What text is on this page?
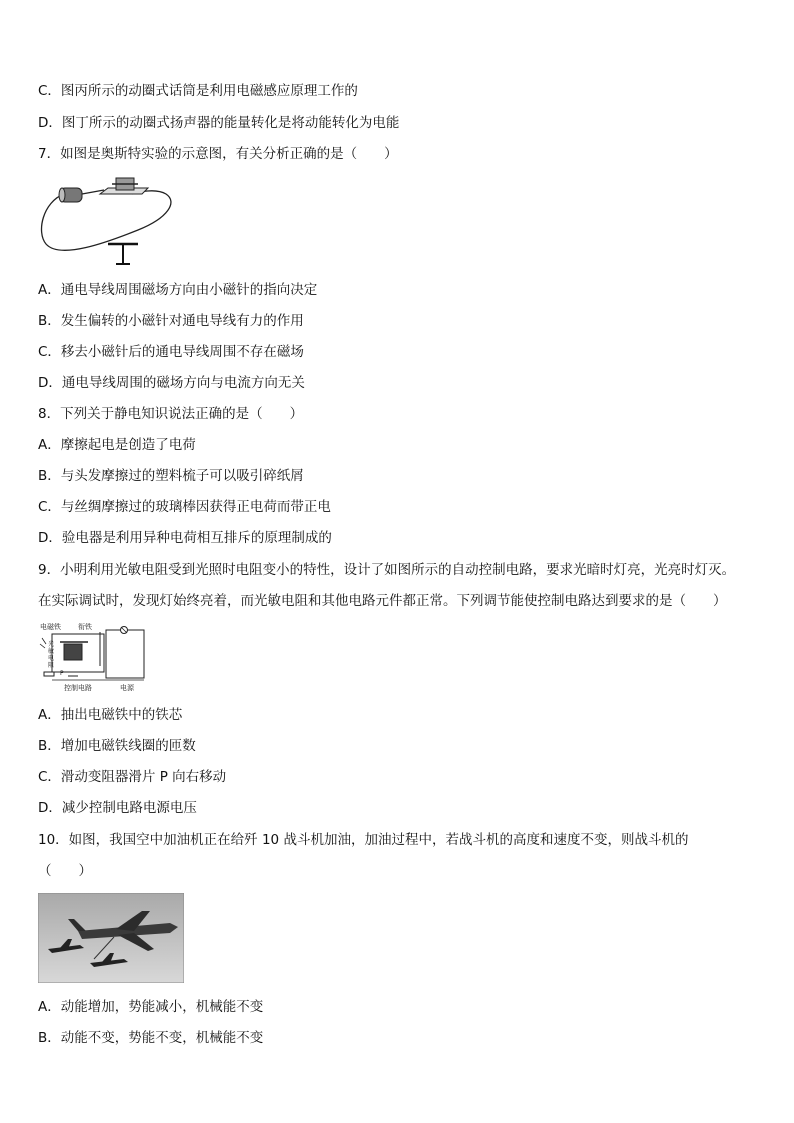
C．图丙所示的动圈式话筒是利用电磁感应原理工作的
D．图丁所示的动圈式扬声器的能量转化是将动能转化为电能
7．如图是奥斯特实验的示意图，有关分析正确的是（　　）
A．通电导线周围磁场方向由小磁针的指向决定
B．发生偏转的小磁针对通电导线有力的作用
C．移去小磁针后的通电导线周围不存在磁场
D．通电导线周围的磁场方向与电流方向无关
8．下列关于静电知识说法正确的是（　　）
A．摩擦起电是创造了电荷
B．与头发摩擦过的塑料梳子可以吸引碎纸屑
C．与丝绸摩擦过的玻璃棒因获得正电荷而带正电
D．验电器是利用异种电荷相互排斥的原理制成的
9．小明利用光敏电阻受到光照时电阻变小的特性，设计了如图所示的自动控制电路，要求光暗时灯亮，光亮时灯灭。
在实际调试时，发现灯始终亮着，而光敏电阻和其他电路元件都正常。下列调节能使控制电路达到要求的是（　　）
电磁铁 衔铁
光
敏
电
阻
P
控制电路	电源
A．抽出电磁铁中的铁芯
B．增加电磁铁线圈的匝数
C．滑动变阻器滑片 P 向右移动
D．减少控制电路电源电压
10．如图，我国空中加油机正在给歼 10 战斗机加油，加油过程中，若战斗机的高度和速度不变，则战斗机的
（　　）
A．动能增加，势能减小，机械能不变
B．动能不变，势能不变，机械能不变
